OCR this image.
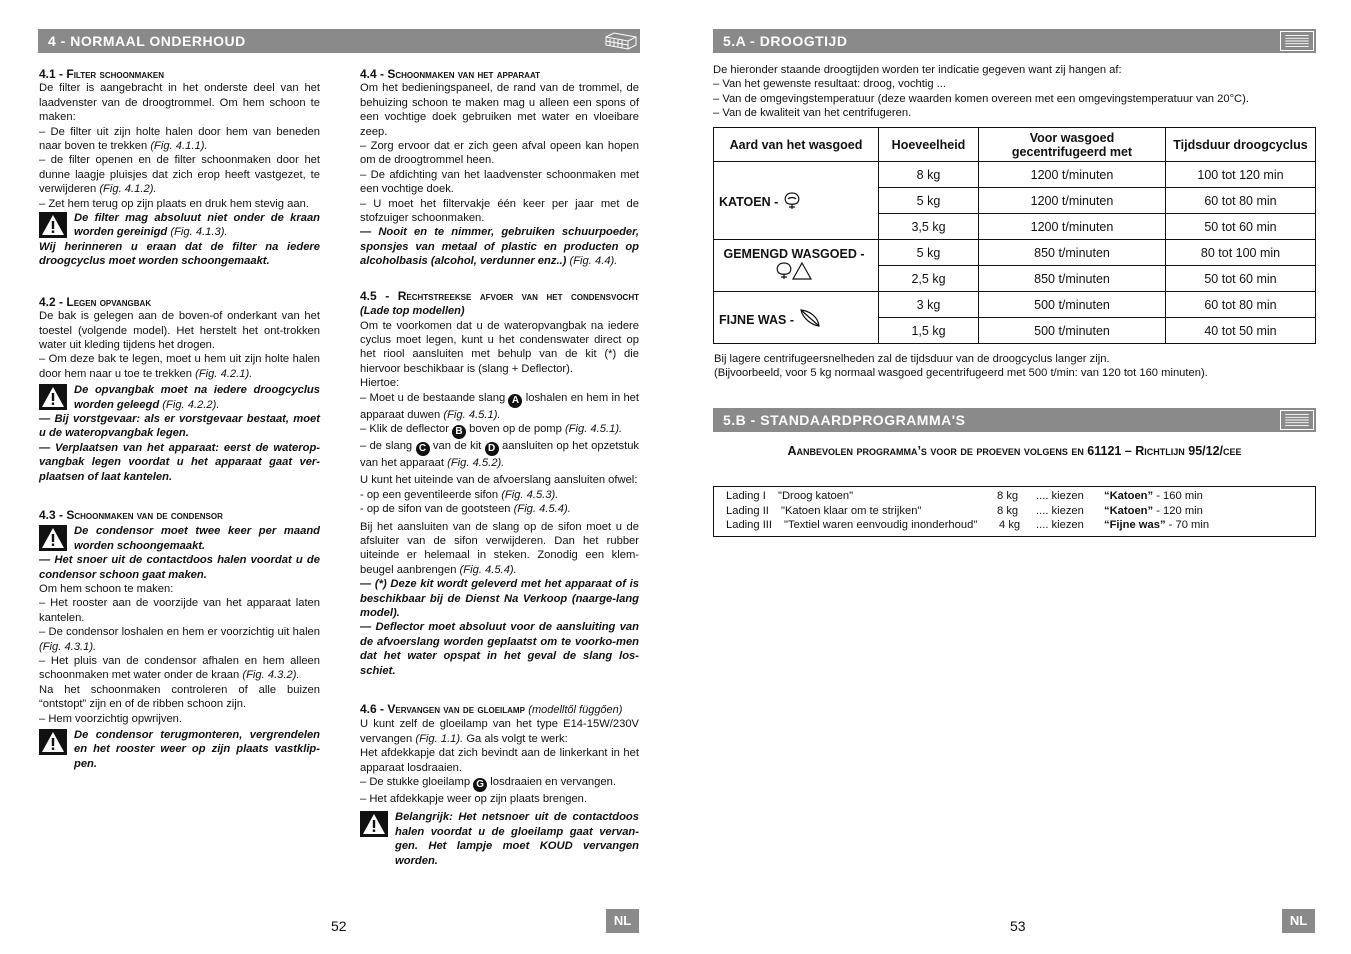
4 - NORMAAL ONDERHOUD
4.1 - Filter schoonmaken

De filter is aangebracht in het onderste deel van het laadvenster van de droogtrommel. Om hem schoon te maken:

– De filter uit zijn holte halen door hem van beneden naar boven te trekken (Fig. 4.1.1).

– de filter openen en de filter schoonmaken door het dunne laagje pluisjes dat zich erop heeft vastgezet, te verwijderen (Fig. 4.1.2).

– Zet hem terug op zijn plaats en druk hem stevig aan.

De filter mag absoluut niet onder de kraan worden gereinigd (Fig. 4.1.3).

Wij herinneren u eraan dat de filter na iedere droogcyclus moet worden schoongemaakt.

4.2 - Legen opvangbak

De bak is gelegen aan de boven-of onderkant van het toestel (volgende model). Het herstelt het ont-trokken water uit kleding tijdens het drogen.

– Om deze bak te legen, moet u hem uit zijn holte halen door hem naar u toe te trekken (Fig. 4.2.1).

De opvangbak moet na iedere droogcyclus worden geleegd (Fig. 4.2.2).

— Bij vorstgevaar: als er vorstgevaar bestaat, moet u de wateropvangbak legen.

— Verplaatsen van het apparaat: eerst de waterop-vangbak legen voordat u het apparaat gaat ver-plaatsen of laat kantelen.

4.3 - Schoonmaken van de condensor

De condensor moet twee keer per maand worden schoongemaakt.

— Het snoer uit de contactdoos halen voordat u de condensor schoon gaat maken.

Om hem schoon te maken:

– Het rooster aan de voorzijde van het apparaat laten kantelen.

– De condensor loshalen en hem er voorzichtig uit halen (Fig. 4.3.1).

– Het pluis van de condensor afhalen en hem alleen schoonmaken met water onder de kraan (Fig. 4.3.2).

Na het schoonmaken controleren of alle buizen “ontstopt” zijn en of de ribben schoon zijn.

– Hem voorzichtig opwrijven.

De condensor terugmonteren, vergrendelen en het rooster weer op zijn plaats vastklip-pen.

4.4 - Schoonmaken van het apparaat

Om het bedieningspaneel, de rand van de trommel, de behuizing schoon te maken mag u alleen een spons of een vochtige doek gebruiken met water en vloeibare zeep.

– Zorg ervoor dat er zich geen afval opeen kan hopen om de droogtrommel heen.

– De afdichting van het laadvenster schoonmaken met een vochtige doek.

– U moet het filtervakje één keer per jaar met de stofzuiger schoonmaken.

— Nooit en te nimmer, gebruiken schuurpoeder, sponsjes van metaal of plastic en producten op alcoholbasis (alcohol, verdunner enz..) (Fig. 4.4).

4.5 - Rechtstreekse afvoer van het condensvocht (Lade top modellen)

Om te voorkomen dat u de wateropvangbak na iedere cyclus moet legen, kunt u het condenswater direct op het riool aansluiten met behulp van de kit (*) die hiervoor beschikbaar is (slang + Deflector).

Hiertoe:

– Moet u de bestaande slang A loshalen en hem in het apparaat duwen (Fig. 4.5.1).

– Klik de deflector B boven op de pomp (Fig. 4.5.1).

– de slang C van de kit D aansluiten op het opzetstuk van het apparaat (Fig. 4.5.2).

U kunt het uiteinde van de afvoerslang aansluiten ofwel:

- op een geventileerde sifon (Fig. 4.5.3).

- op de sifon van de gootsteen (Fig. 4.5.4).

Bij het aansluiten van de slang op de sifon moet u de afsluiter van de sifon verwijderen. Dan het rubber uiteinde er helemaal in steken. Zonodig een klem-beugel aanbrengen (Fig. 4.5.4).

— (*) Deze kit wordt geleverd met het apparaat of is beschikbaar bij de Dienst Na Verkoop (naarge-lang model).

— Deflector moet absoluut voor de aansluiting van de afvoerslang worden geplaatst om te voorko-men dat het water opspat in het geval de slang los-schiet.

4.6 - Vervangen van de gloeilamp (modelltől függően)

U kunt zelf de gloeilamp van het type E14-15W/230V vervangen (Fig. 1.1). Ga als volgt te werk:

Het afdekkapje dat zich bevindt aan de linkerkant in het apparaat losdraaien.

– De stukke gloeilamp G losdraaien en vervangen.

– Het afdekkapje weer op zijn plaats brengen.

Belangrijk: Het netsnoer uit de contactdoos halen voordat u de gloeilamp gaat vervan-gen. Het lampje moet KOUD vervangen worden.

52	NL
5.A - DROOGTIJD

De hieronder staande droogtijden worden ter indicatie gegeven want zij hangen af:

– Van het gewenste resultaat: droog, vochtig ...

– Van de omgevingstemperatuur (deze waarden komen overeen met een omgevingstemperatuur van 20°C).

– Van de kwaliteit van het centrifugeren.

Aard van het wasgoed	Hoeveelheid	Voor wasgoed gecentrifugeerd met	Tijdsduur droogcyclus
KATOEN -	8 kg	1200 t/minuten	100 tot 120 min
	5 kg	1200 t/minuten	60 tot 80 min
	3,5 kg	1200 t/minuten	50 tot 60 min

GEMENGD WASGOED -	5 kg	850 t/minuten	80 tot 100 min
	2,5 kg	850 t/minuten	50 tot 60 min
FIJNE WAS -	3 kg	500 t/minuten	60 tot 80 min
	1,5 kg	500 t/minuten	40 tot 50 min

Bij lagere centrifugeersnelheden zal de tijdsduur van de droogcyclus langer zijn.

(Bijvoorbeeld, voor 5 kg normaal wasgoed gecentrifugeerd met 500 t/min: van 120 tot 160 minuten).

5.B - STANDAARDPROGRAMMA'S
Aanbevolen programma’s voor de proeven volgens en 61121 – Richtlijn 95/12/cee
Lading I "Droog katoen"	8 kg .... kiezen “Katoen” - 160 min
Lading II "Katoen klaar om te strijken"	8 kg .... kiezen “Katoen” - 120 min
Lading III "Textiel waren eenvoudig inonderhoud" 4 kg .... kiezen “Fijne was” - 70 min
53	NL
